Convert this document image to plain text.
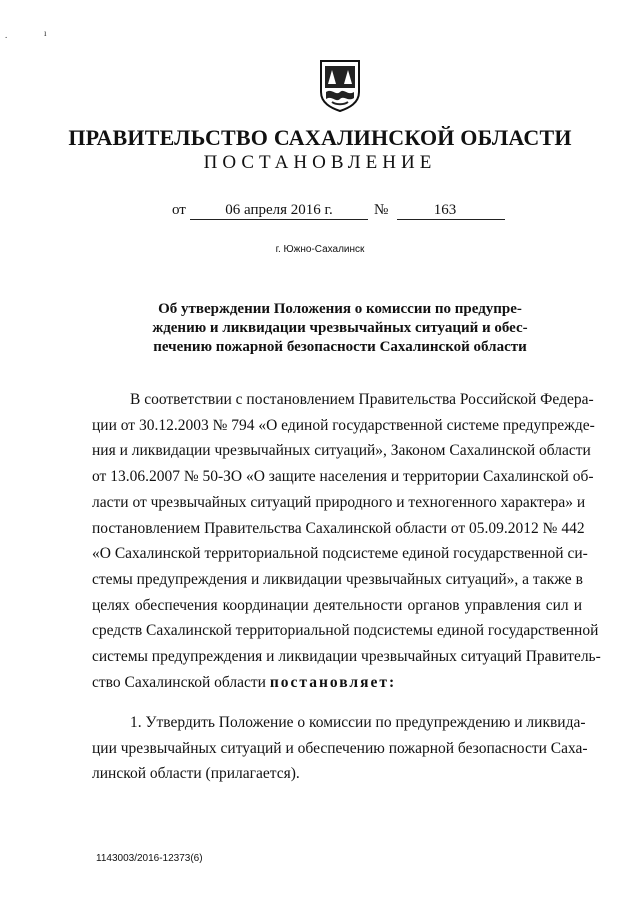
.	ı
ПРАВИТЕЛЬСТВО САХАЛИНСКОЙ ОБЛАСТИ
ПОСТАНОВЛЕНИЕ
от	06 апреля 2016 г.	№	163
г. Южно-Сахалинск
Об утверждении Положения о комиссии по предупре-
ждению и ликвидации чрезвычайных ситуаций и обес-
печению пожарной безопасности Сахалинской области
В соответствии с постановлением Правительства Российской Федера-
ции от 30.12.2003 № 794 «О единой государственной системе предупрежде-
ния и ликвидации чрезвычайных ситуаций», Законом Сахалинской области
от 13.06.2007 № 50-ЗО «О защите населения и территории Сахалинской об-
ласти от чрезвычайных ситуаций природного и техногенного характера» и
постановлением Правительства Сахалинской области от 05.09.2012 № 442
«О Сахалинской территориальной подсистеме единой государственной си-
стемы предупреждения и ликвидации чрезвычайных ситуаций», а также в
целях обеспечения координации деятельности органов управления сил и
средств Сахалинской территориальной подсистемы единой государственной
системы предупреждения и ликвидации чрезвычайных ситуаций Правитель-
ство Сахалинской области постановляет:
1. Утвердить Положение о комиссии по предупреждению и ликвида-
ции чрезвычайных ситуаций и обеспечению пожарной безопасности Саха-
линской области (прилагается).
1143003/2016-12373(6)
